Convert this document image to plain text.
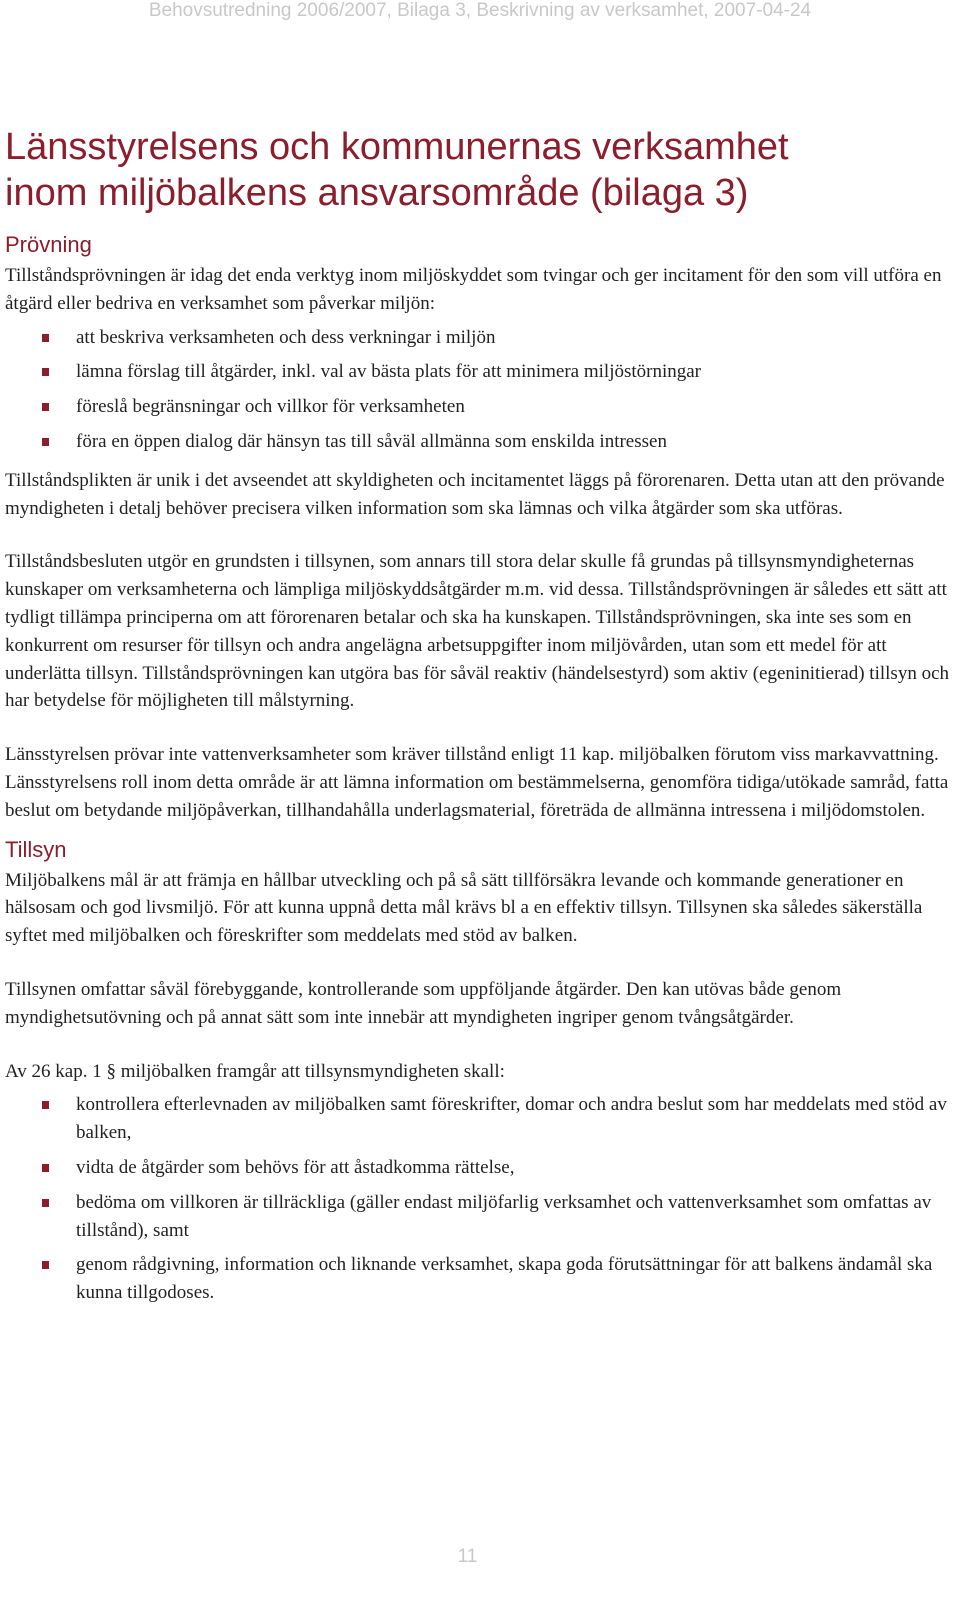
Behovsutredning 2006/2007, Bilaga 3, Beskrivning av verksamhet, 2007-04-24
Länsstyrelsens och kommunernas verksamhet
inom miljöbalkens ansvarsområde (bilaga 3)
Prövning

Tillståndsprövningen är idag det enda verktyg inom miljöskyddet som tvingar och ger incitament för den som vill utföra en åtgärd eller bedriva en verksamhet som påverkar miljön:

att beskriva verksamheten och dess verkningar i miljön
lämna förslag till åtgärder, inkl. val av bästa plats för att minimera miljöstörningar
föreslå begränsningar och villkor för verksamheten
föra en öppen dialog där hänsyn tas till såväl allmänna som enskilda intressen

Tillståndsplikten är unik i det avseendet att skyldigheten och incitamentet läggs på förorenaren. Detta utan att den prövande myndigheten i detalj behöver precisera vilken information som ska lämnas och vilka åtgärder som ska utföras.

Tillståndsbesluten utgör en grundsten i tillsynen, som annars till stora delar skulle få grundas på tillsynsmyndigheternas kunskaper om verksamheterna och lämpliga miljöskyddsåtgärder m.m. vid dessa. Tillståndsprövningen är således ett sätt att tydligt tillämpa principerna om att förorenaren betalar och ska ha kunskapen. Tillståndsprövningen, ska inte ses som en konkurrent om resurser för tillsyn och andra angelägna arbetsuppgifter inom miljövården, utan som ett medel för att underlätta tillsyn. Tillståndsprövningen kan utgöra bas för såväl reaktiv (händelsestyrd) som aktiv (egeninitierad) tillsyn och har betydelse för möjligheten till målstyrning.

Länsstyrelsen prövar inte vattenverksamheter som kräver tillstånd enligt 11 kap. miljöbalken förutom viss markavvattning. Länsstyrelsens roll inom detta område är att lämna information om bestämmelserna, genomföra tidiga/utökade samråd, fatta beslut om betydande miljöpåverkan, tillhandahålla underlagsmaterial, företräda de allmänna intressena i miljödomstolen.

Tillsyn

Miljöbalkens mål är att främja en hållbar utveckling och på så sätt tillförsäkra levande och kommande generationer en hälsosam och god livsmiljö. För att kunna uppnå detta mål krävs bl a en effektiv tillsyn. Tillsynen ska således säkerställa syftet med miljöbalken och föreskrifter som meddelats med stöd av balken.

Tillsynen omfattar såväl förebyggande, kontrollerande som uppföljande åtgärder. Den kan utövas både genom myndighetsutövning och på annat sätt som inte innebär att myndigheten ingriper genom tvångsåtgärder.

Av 26 kap. 1 § miljöbalken framgår att tillsynsmyndigheten skall:

kontrollera efterlevnaden av miljöbalken samt föreskrifter, domar och andra beslut som har meddelats med stöd av balken,
vidta de åtgärder som behövs för att åstadkomma rättelse,
bedöma om villkoren är tillräckliga (gäller endast miljöfarlig verksamhet och vattenverksamhet som omfattas av tillstånd), samt
genom rådgivning, information och liknande verksamhet, skapa goda förutsättningar för att balkens ändamål ska kunna tillgodoses.
11
